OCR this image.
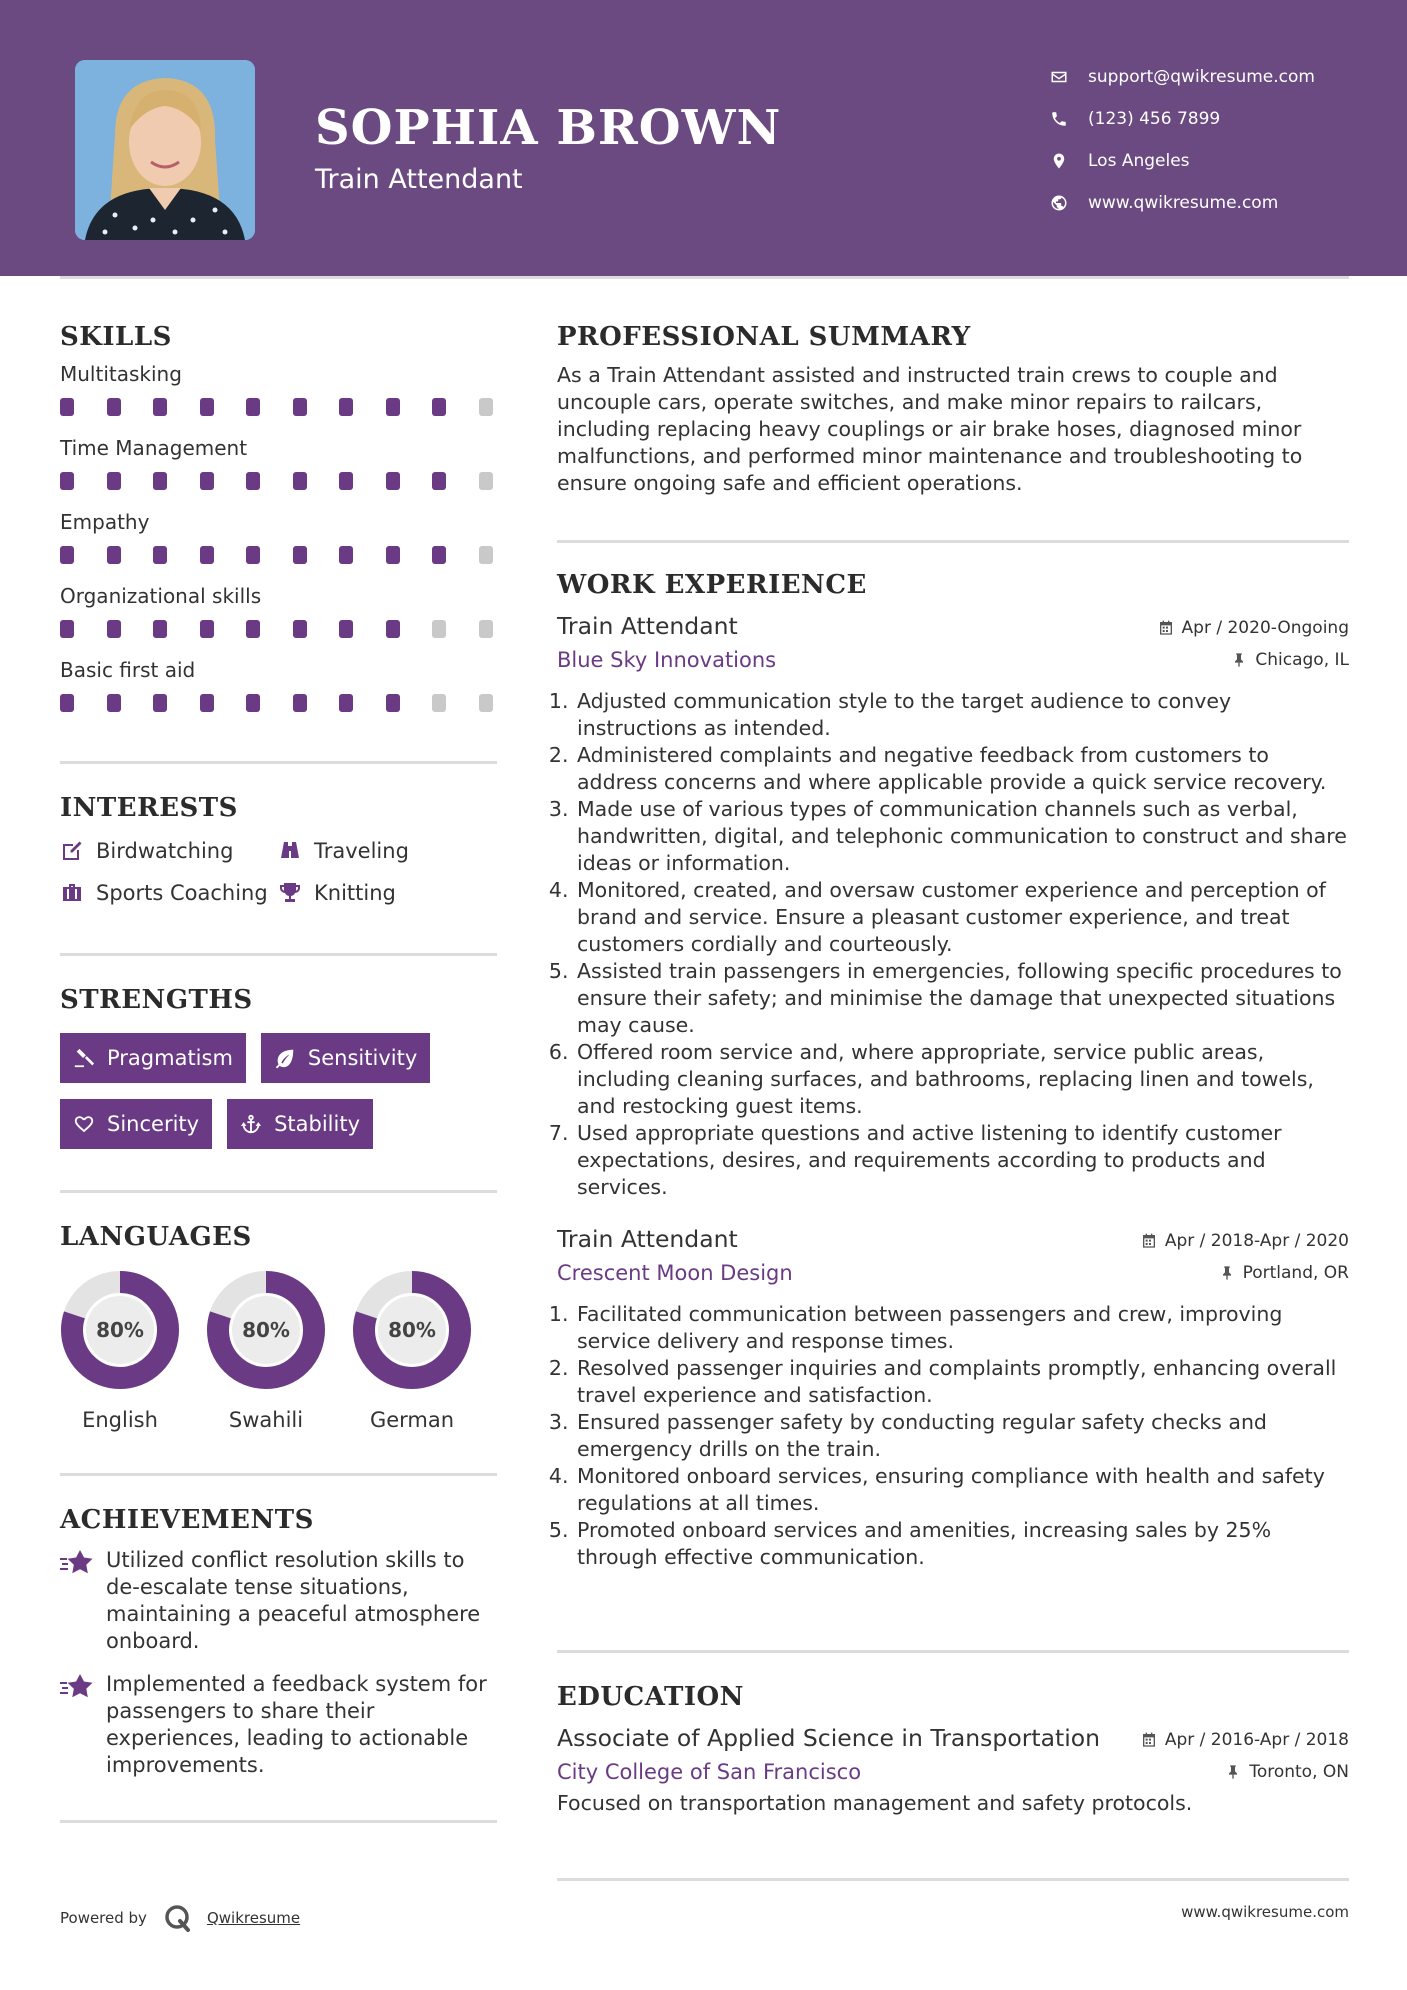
SOPHIA BROWN
Train Attendant
support@qwikresume.com
(123) 456 7899
Los Angeles
www.qwikresume.com
SKILLS
Multitasking
Time Management
Empathy
Organizational skills
Basic first aid
INTERESTS
Birdwatching	Traveling
Sports Coaching Knitting
STRENGTHS
Pragmatism	Sensitivity
Sincerity	Stability
LANGUAGES
80%
English
80%
Swahili
80%
German
ACHIEVEMENTS
Utilized conflict resolution skills to de-escalate tense situations, maintaining a peaceful atmosphere onboard.
Implemented a feedback system for passengers to share their experiences, leading to actionable improvements.
PROFESSIONAL SUMMARY
As a Train Attendant assisted and instructed train crews to couple and uncouple cars, operate switches, and make minor repairs to railcars, including replacing heavy couplings or air brake hoses, diagnosed minor malfunctions, and performed minor maintenance and troubleshooting to ensure ongoing safe and efficient operations.
WORK EXPERIENCE
Apr / 2020-Ongoing
Chicago, IL
Train Attendant
Blue Sky Innovations
1. Adjusted communication style to the target audience to convey instructions as intended.
2. Administered complaints and negative feedback from customers to address concerns and where applicable provide a quick service recovery.
3. Made use of various types of communication channels such as verbal, handwritten, digital, and telephonic communication to construct and share ideas or information.
4. Monitored, created, and oversaw customer experience and perception of brand and service. Ensure a pleasant customer experience, and treat customers cordially and courteously.
5. Assisted train passengers in emergencies, following specific procedures to ensure their safety; and minimise the damage that unexpected situations may cause.
6. Offered room service and, where appropriate, service public areas, including cleaning surfaces, and bathrooms, replacing linen and towels, and restocking guest items.
7. Used appropriate questions and active listening to identify customer expectations, desires, and requirements according to products and services.
Apr / 2018-Apr / 2020
Portland, OR
Train Attendant
Crescent Moon Design
1. Facilitated communication between passengers and crew, improving service delivery and response times.
2. Resolved passenger inquiries and complaints promptly, enhancing overall travel experience and satisfaction.
3. Ensured passenger safety by conducting regular safety checks and emergency drills on the train.
4. Monitored onboard services, ensuring compliance with health and safety regulations at all times.
5. Promoted onboard services and amenities, increasing sales by 25% through effective communication.
EDUCATION
Apr / 2016-Apr / 2018
Toronto, ON
Associate of Applied Science in Transportation
City College of San Francisco
Focused on transportation management and safety protocols.
Powered by	Qwikresume	www.qwikresume.com
